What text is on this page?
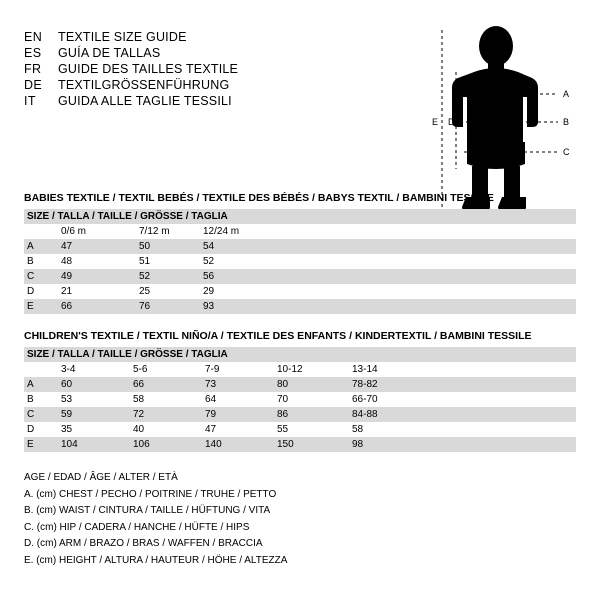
EN	TEXTILE SIZE GUIDE
ES	GUÍA DE TALLAS
FR	GUIDE DES TAILLES TEXTILE
DE	TEXTILGRÖSSENFÜHRUNG
IT	GUIDA ALLE TAGLIE TESSILI	A
B
C
E D
BABIES TEXTILE / TEXTIL BEBÉS / TEXTILE DES BÉBÉS / BABYS TEXTIL / BAMBINI TESSILE
SIZE / TALLA / TAILLE / GRÖSSE / TAGLIA			
	0/6 m	7/12 m	12/24 m
A	47	50	54
B	48	51	52
C	49	52	56
D	21	25	29
E	66	76	93
CHILDREN'S TEXTILE / TEXTIL NIÑO/A / TEXTILE DES ENFANTS / KINDERTEXTIL / BAMBINI TESSILE
SIZE / TALLA / TAILLE / GRÖSSE / TAGLIA					
	3-4	5-6	7-9	10-12	13-14
A	60	66	73	80	78-82
B	53	58	64	70	66-70
C	59	72	79	86	84-88
D	35	40	47	55	58
E	104	106	140	150	98
AGE / EDAD / ÂGE / ALTER / ETÀ
A. (cm) CHEST / PECHO / POITRINE / TRUHE / PETTO
B. (cm) WAIST / CINTURA / TAILLE / HÜFTUNG / VITA
C. (cm) HIP / CADERA / HANCHE / HÜFTE / HIPS
D. (cm) ARM / BRAZO / BRAS / WAFFEN / BRACCIA
E. (cm) HEIGHT / ALTURA / HAUTEUR / HÖHE / ALTEZZA
